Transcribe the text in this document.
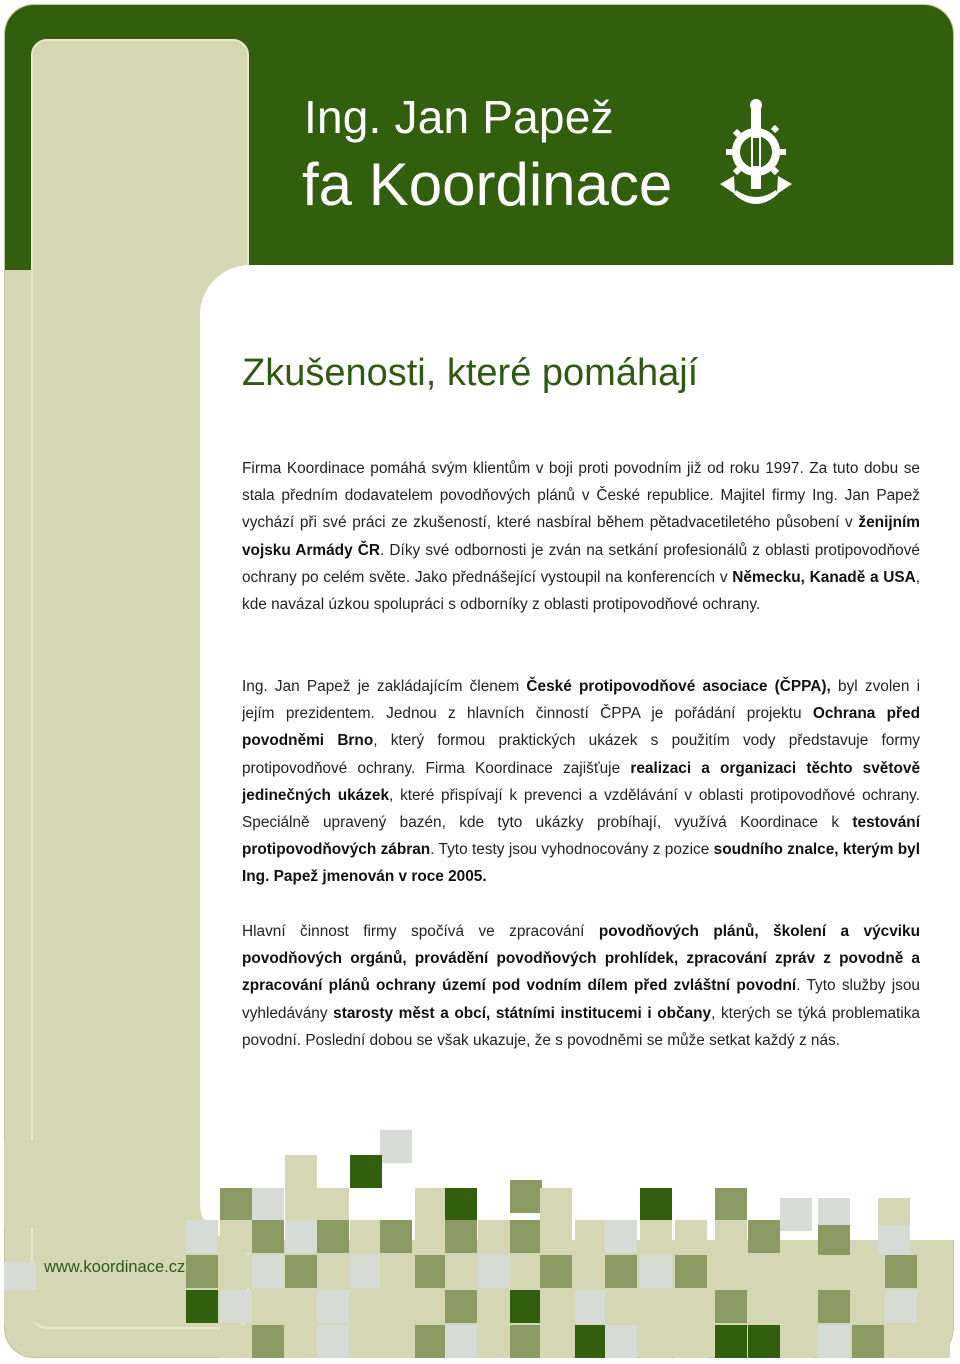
Ing. Jan Papež
fa Koordinace
Zkušenosti, které pomáhají

Firma Koordinace pomáhá svým klientům v boji proti povodním již od roku 1997. Za tuto dobu se stala předním dodavatelem povodňových plánů v České republice. Majitel firmy Ing. Jan Papež vychází při své práci ze zkušeností, které nasbíral během pětadvacetiletého působení v ženijním vojsku Armády ČR. Díky své odbornosti je zván na setkání profesionálů z oblasti protipovodňové ochrany po celém světe. Jako přednášející vystoupil na konferencích v Německu, Kanadě a USA, kde navázal úzkou spolupráci s odborníky z oblasti protipovodňové ochrany.

Ing. Jan Papež je zakládajícím členem České protipovodňové asociace (ČPPA), byl zvolen i jejím prezidentem. Jednou z hlavních činností ČPPA je pořádání projektu Ochrana před povodněmi Brno, který formou praktických ukázek s použitím vody představuje formy protipovodňové ochrany. Firma Koordinace zajišťuje realizaci a organizaci těchto světově jedinečných ukázek, které přispívají k prevenci a vzdělávání v oblasti protipovodňové ochrany. Speciálně upravený bazén, kde tyto ukázky probíhají, využívá Koordinace k testování protipovodňových zábran. Tyto testy jsou vyhodnocovány z pozice soudního znalce, kterým byl Ing. Papež jmenován v roce 2005.

Hlavní činnost firmy spočívá ve zpracování povodňových plánů, školení a výcviku povodňových orgánů, provádění povodňových prohlídek, zpracování zpráv z povodně a zpracování plánů ochrany území pod vodním dílem před zvláštní povodní. Tyto služby jsou vyhledávány starosty měst a obcí, státními institucemi i občany, kterých se týká problematika povodní. Poslední dobou se však ukazuje, že s povodněmi se může setkat každý z nás.

www.koordinace.cz
